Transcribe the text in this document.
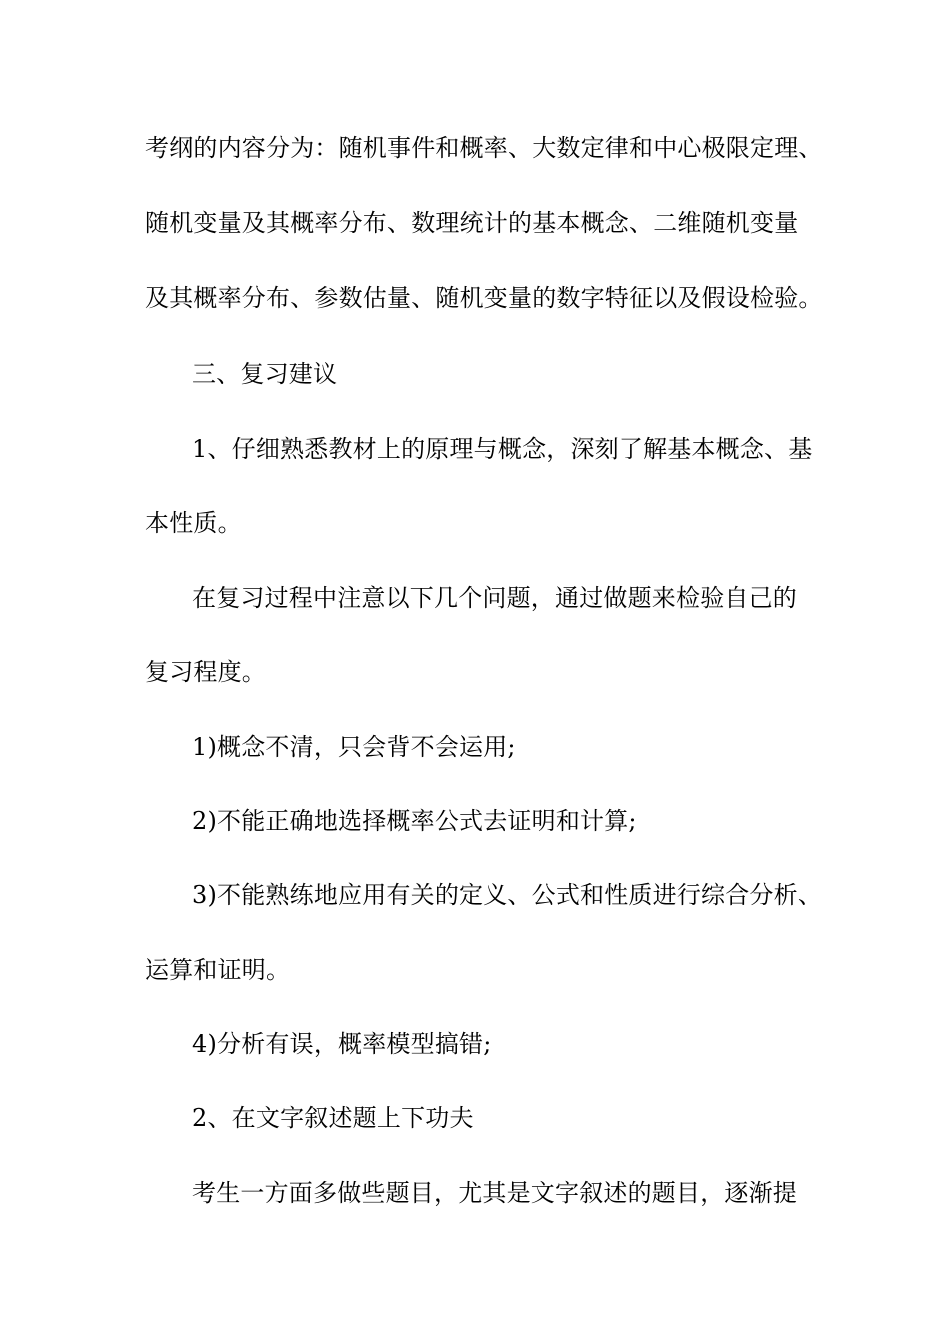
考纲的内容分为：随机事件和概率、大数定律和中心极限定理、
随机变量及其概率分布、数理统计的基本概念、二维随机变量
及其概率分布、参数估量、随机变量的数字特征以及假设检验。
三、复习建议
1、仔细熟悉教材上的原理与概念，深刻了解基本概念、基
本性质。
在复习过程中注意以下几个问题，通过做题来检验自己的
复习程度。
1)概念不清，只会背不会运用;
2)不能正确地选择概率公式去证明和计算;
3)不能熟练地应用有关的定义、公式和性质进行综合分析、
运算和证明。
4)分析有误，概率模型搞错;
2、在文字叙述题上下功夫
考生一方面多做些题目，尤其是文字叙述的题目，逐渐提
